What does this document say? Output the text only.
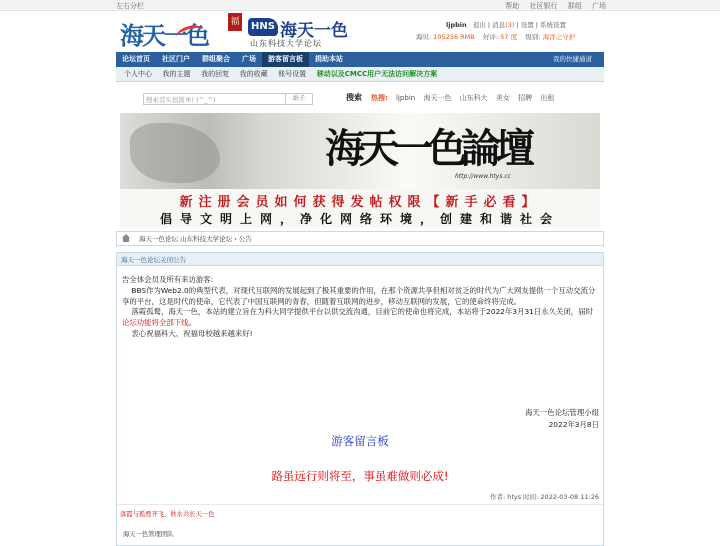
左右分栏	帮助 社区银行 群组 广场
海天一色 福	HNS 海天一色
山东科技大学论坛
ljpbin 退出 | 消息(3) | 设置 | 系统设置
海贝: 105256 RMB 好评: 57 度 级别: 海洋之守护
论坛首页 社区门户 群组聚合 广场 游客留言板 捐助本站	我的快捷通道
个人中心 我的主题 我的回复 我的收藏 账号设置 移动以及CMCC用户无法访问解决方案
搜索其实很简单! (^_^)	站子	搜索 热搜: ljpbin 海天一色 山东科大 美女 招聘 出租
海天一色論壇
http://www.htys.cc
新注册会员如何获得发帖权限【新手必看】
倡导文明上网，净化网络环境，创建和谐社会
海天一色论坛 山东科技大学论坛 › 公告
海天一色论坛关闭公告

告全体会员及所有来访游客:

BBS作为Web2.0的典型代表，对现代互联网的发展起到了极其重要的作用，在那个资源共享但相对贫乏的时代为广大网友提供一个互动交流分享的平台，这是时代的使命，它代表了中国互联网的青春，但随着互联网的进步，移动互联网的发展，它的使命终将完成。

落霞孤鹜，海天一色，本站的建立旨在为科大同学提供平台以供交流沟通，目前它的使命也将完成，本站将于2022年3月31日永久关闭，届时论坛功能将全部下线。

衷心祝福科大、祝福母校越来越来好!

海天一色论坛管理小组
2022年3月8日
游客留言板
路虽远行则将至，事虽难做则必成!
作者: htys 时间: 2022-03-08 11:26
落霞与孤鹜齐飞，秋水共长天一色
海天一色管理团队
